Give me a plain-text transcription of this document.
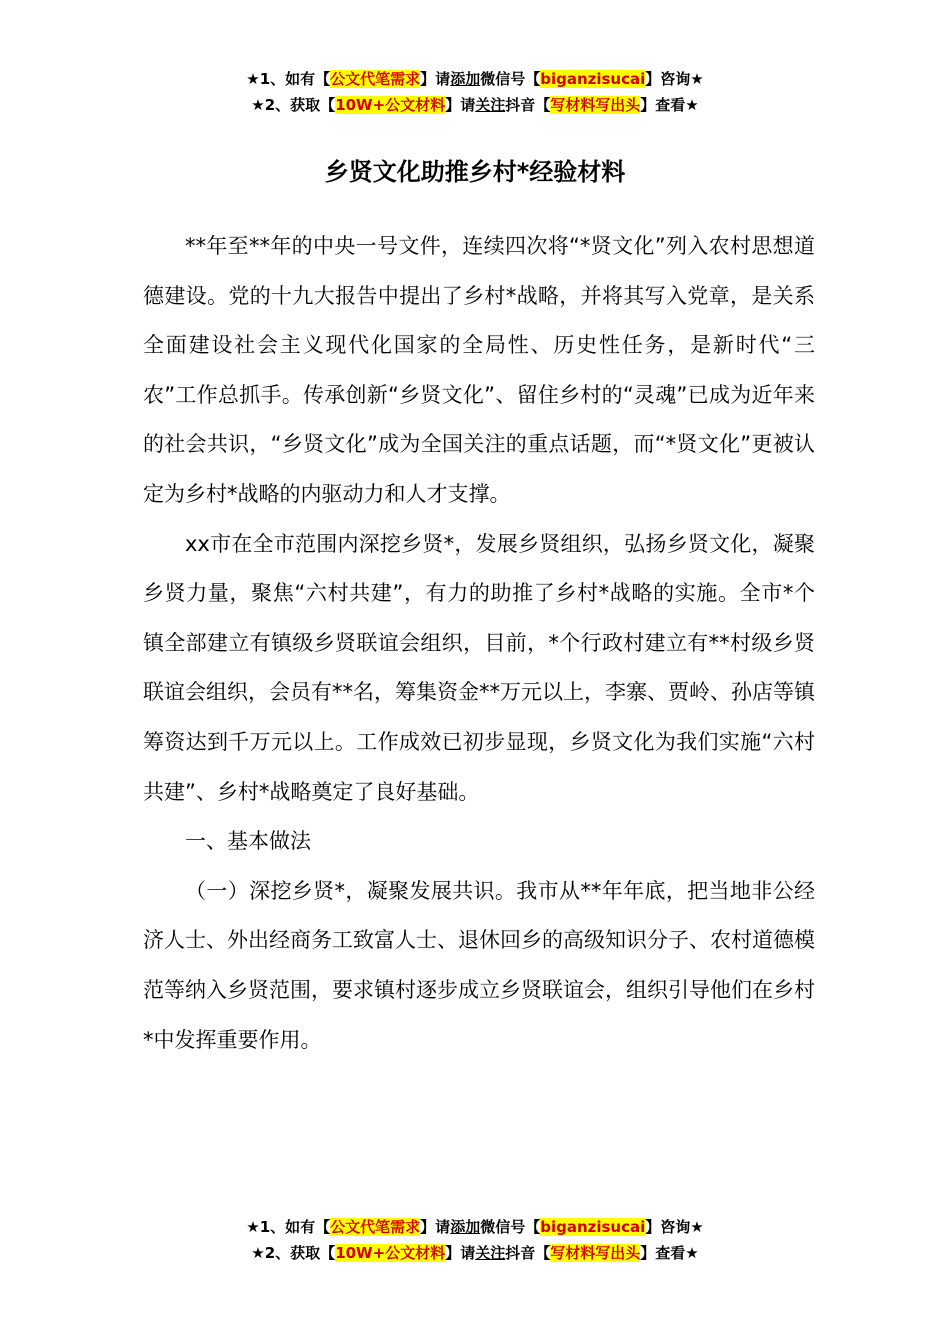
★1、如有【公文代笔需求】请添加微信号【biganzisucai】咨询★
★2、获取【10W+公文材料】请关注抖音【写材料写出头】查看★
乡贤文化助推乡村*经验材料

**年至**年的中央一号文件，连续四次将“*贤文化”列入农村思想道德建设。党的十九大报告中提出了乡村*战略，并将其写入党章，是关系全面建设社会主义现代化国家的全局性、历史性任务，是新时代“三农”工作总抓手。传承创新“乡贤文化”、留住乡村的“灵魂”已成为近年来的社会共识，“乡贤文化”成为全国关注的重点话题，而“*贤文化”更被认定为乡村*战略的内驱动力和人才支撑。

xx市在全市范围内深挖乡贤*，发展乡贤组织，弘扬乡贤文化，凝聚乡贤力量，聚焦“六村共建”，有力的助推了乡村*战略的实施。全市*个镇全部建立有镇级乡贤联谊会组织，目前，*个行政村建立有**村级乡贤联谊会组织，会员有**名，筹集资金**万元以上，李寨、贾岭、孙店等镇筹资达到千万元以上。工作成效已初步显现，乡贤文化为我们实施“六村共建”、乡村*战略奠定了良好基础。

一、基本做法

（一）深挖乡贤*，凝聚发展共识。我市从**年年底，把当地非公经济人士、外出经商务工致富人士、退休回乡的高级知识分子、农村道德模范等纳入乡贤范围，要求镇村逐步成立乡贤联谊会，组织引导他们在乡村*中发挥重要作用。

★1、如有【公文代笔需求】请添加微信号【biganzisucai】咨询★
★2、获取【10W+公文材料】请关注抖音【写材料写出头】查看★
